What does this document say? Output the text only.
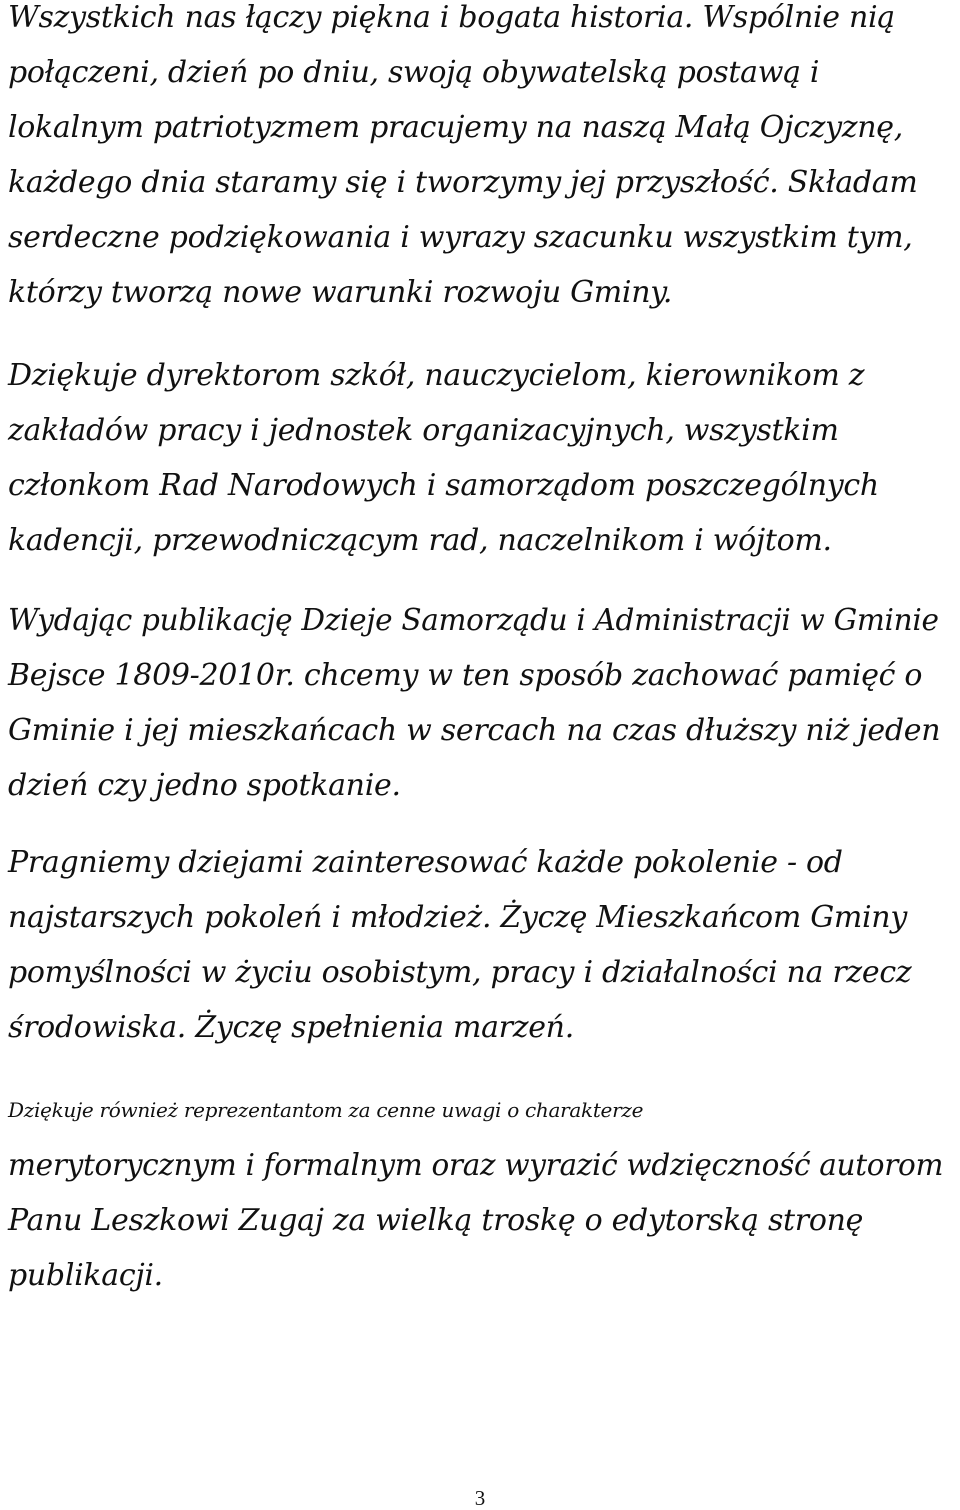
Wszystkich nas łączy piękna i bogata historia. Wspólnie nią
połączeni, dzień po dniu, swoją obywatelską postawą i
lokalnym patriotyzmem pracujemy na naszą Małą Ojczyznę,
każdego dnia staramy się i tworzymy jej przyszłość. Składam
serdeczne podziękowania i wyrazy szacunku wszystkim tym,
którzy tworzą nowe warunki rozwoju Gminy.

Dziękuje dyrektorom szkół, nauczycielom, kierownikom z
zakładów pracy i jednostek organizacyjnych, wszystkim
członkom Rad Narodowych i samorządom poszczególnych
kadencji, przewodniczącym rad, naczelnikom i wójtom.

Wydając publikację Dzieje Samorządu i Administracji w Gminie
Bejsce 1809-2010r. chcemy w ten sposób zachować pamięć o
Gminie i jej mieszkańcach w sercach na czas dłuższy niż jeden
dzień czy jedno spotkanie.

Pragniemy dziejami zainteresować każde pokolenie - od
najstarszych pokoleń i młodzież. Życzę Mieszkańcom Gminy
pomyślności w życiu osobistym, pracy i działalności na rzecz
środowiska. Życzę spełnienia marzeń.

Dziękuje również reprezentantom za cenne uwagi o charakterze
merytorycznym i formalnym oraz wyrazić wdzięczność autorom
Panu Leszkowi Zugaj za wielką troskę o edytorską stronę
publikacji.

3
